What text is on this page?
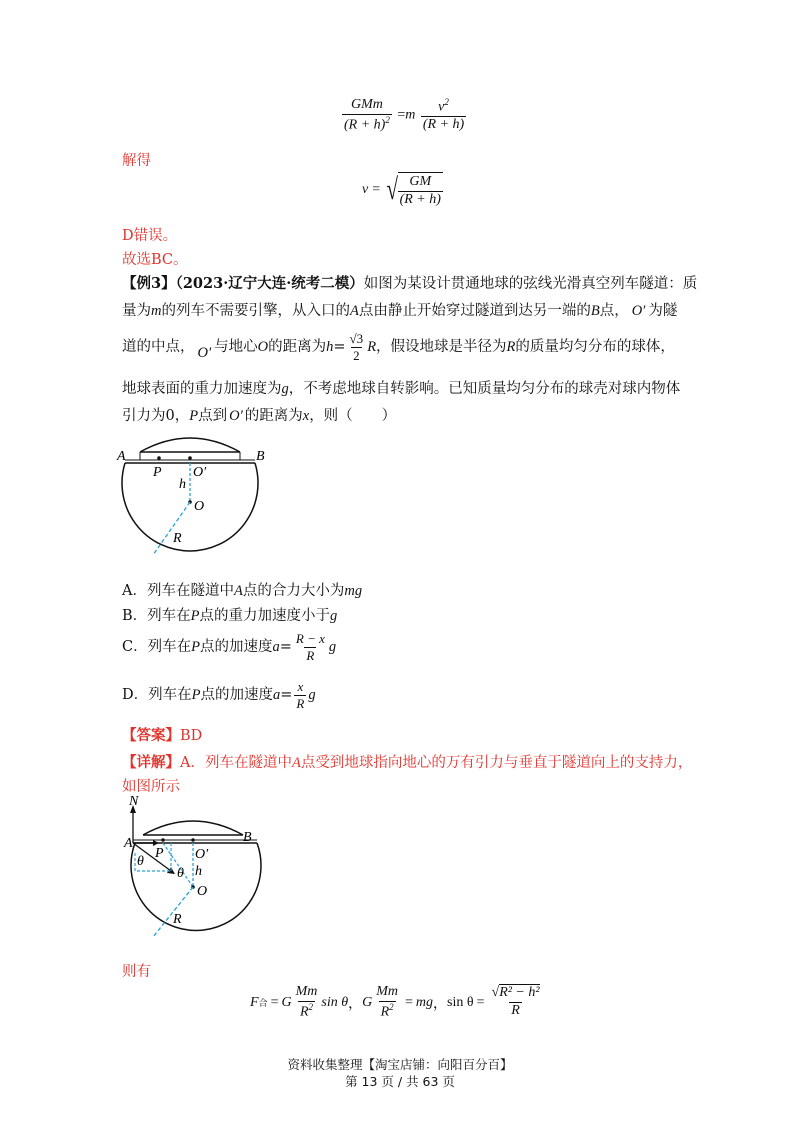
$\frac{\text{GMm}}{(R + h)^2} =m \frac{v^2}{(R + h)}$
解得
v = √ $\frac{GM}{(R + h)}$
D错误。
故选BC。
【例3】（2023·辽宁大连·统考二模）如图为某设计贯通地球的弦线光滑真空列车隧道：质
量为m的列车不需要引擎，从入口的A点由静止开始穿过隧道到达另一端的B点， O′ 为隧
道的中点， O′ 与地心 O 的距离为 $h = \frac{√3}{2}$ R ，假设地球是半径为 R 的质量均匀分布的球体，
地球表面的重力加速度为g，不考虑地球自转影响。已知质量均匀分布的球壳对球内物体
引力为0，P点到 O′ 的距离为x，则（　　）
A	B
P O′
h
O
R
A．列车在隧道中A点的合力大小为mg
B．列车在P点的重力加速度小于g
C．列车在 P 点的加速度 $a = \frac{R - x}{R}$ g
D．列车在 P 点的加速度 $a = \frac{x}{R}$ g
【答案】BD
【详解】A．列车在隧道中A点受到地球指向地心的万有引力与垂直于隧道向上的支持力，
如图所示
N
A	B
P O′
θ
θ h
O
R
则有
F 合 = G $\frac{Mm}{R^2}$ sin θ ， G $\frac{Mm}{R^2}$ = mg ， $\sin \theta = \frac{\text{√R² − h²}}{R}$
资料收集整理【淘宝店铺：向阳百分百】
第 13 页 / 共 63 页
